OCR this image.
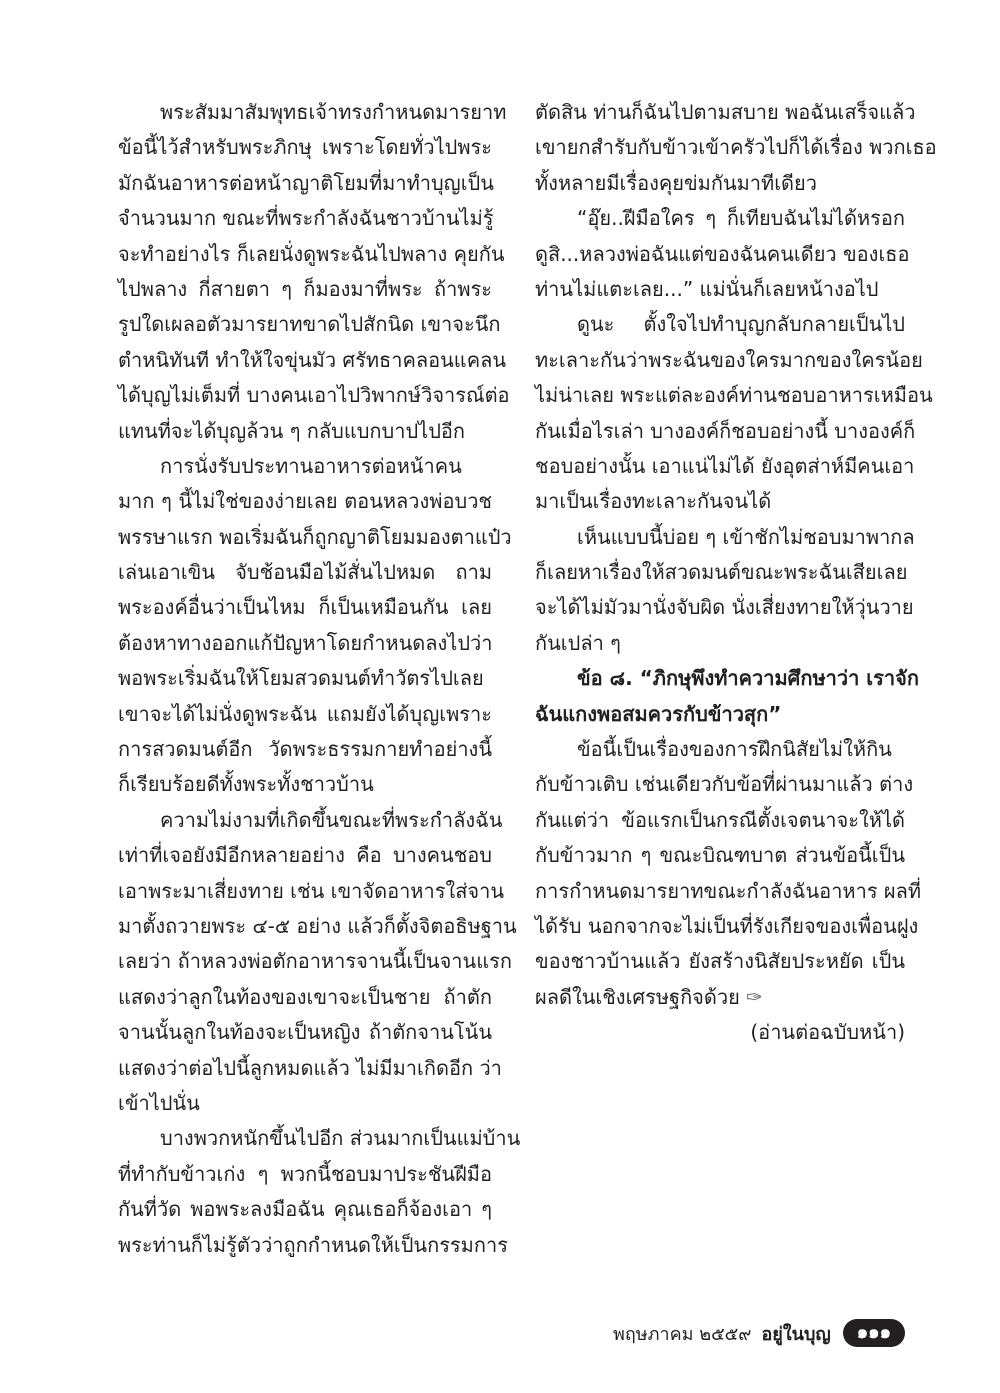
พระสัมมาสัมพุทธเจ้าทรงกำหนดมารยาท
ข้อนี้ไว้สำหรับพระภิกษุ เพราะโดยทั่วไปพระ
มักฉันอาหารต่อหน้าญาติโยมที่มาทำบุญเป็น
จำนวนมาก ขณะที่พระกำลังฉันชาวบ้านไม่รู้
จะทำอย่างไร ก็เลยนั่งดูพระฉันไปพลาง คุยกัน
ไปพลาง กี่สายตา ๆ ก็มองมาที่พระ ถ้าพระ
รูปใดเผลอตัวมารยาทขาดไปสักนิด เขาจะนึก
ตำหนิทันที ทำให้ใจขุ่นมัว ศรัทธาคลอนแคลน
ได้บุญไม่เต็มที่ บางคนเอาไปวิพากษ์วิจารณ์ต่อ
แทนที่จะได้บุญล้วน ๆ กลับแบกบาปไปอีก
การนั่งรับประทานอาหารต่อหน้าคน
มาก ๆ นี้ไม่ใช่ของง่ายเลย ตอนหลวงพ่อบวช
พรรษาแรก พอเริ่มฉันก็ถูกญาติโยมมองตาแป๋ว
เล่นเอาเขิน จับช้อนมือไม้สั่นไปหมด ถาม
พระองค์อื่นว่าเป็นไหม ก็เป็นเหมือนกัน เลย
ต้องหาทางออกแก้ปัญหาโดยกำหนดลงไปว่า
พอพระเริ่มฉันให้โยมสวดมนต์ทำวัตรไปเลย
เขาจะได้ไม่นั่งดูพระฉัน แถมยังได้บุญเพราะ
การสวดมนต์อีก วัดพระธรรมกายทำอย่างนี้
ก็เรียบร้อยดีทั้งพระทั้งชาวบ้าน
ความไม่งามที่เกิดขึ้นขณะที่พระกำลังฉัน
เท่าที่เจอยังมีอีกหลายอย่าง คือ บางคนชอบ
เอาพระมาเสี่ยงทาย เช่น เขาจัดอาหารใส่จาน
มาตั้งถวายพระ ๔-๕ อย่าง แล้วก็ตั้งจิตอธิษฐาน
เลยว่า ถ้าหลวงพ่อตักอาหารจานนี้เป็นจานแรก
แสดงว่าลูกในท้องของเขาจะเป็นชาย ถ้าตัก
จานนั้นลูกในท้องจะเป็นหญิง ถ้าตักจานโน้น
แสดงว่าต่อไปนี้ลูกหมดแล้ว ไม่มีมาเกิดอีก ว่า
เข้าไปนั่น
บางพวกหนักขึ้นไปอีก ส่วนมากเป็นแม่บ้าน
ที่ทำกับข้าวเก่ง ๆ พวกนี้ชอบมาประชันฝีมือ
กันที่วัด พอพระลงมือฉัน คุณเธอก็จ้องเอา ๆ
พระท่านก็ไม่รู้ตัวว่าถูกกำหนดให้เป็นกรรมการ
ตัดสิน ท่านก็ฉันไปตามสบาย พอฉันเสร็จแล้ว
เขายกสำรับกับข้าวเข้าครัวไปก็ได้เรื่อง พวกเธอ
ทั้งหลายมีเรื่องคุยข่มกันมาทีเดียว
“อุ๊ย..ฝีมือใคร ๆ ก็เทียบฉันไม่ได้หรอก
ดูสิ...หลวงพ่อฉันแต่ของฉันคนเดียว ของเธอ
ท่านไม่แตะเลย...” แม่นั่นก็เลยหน้างอไป
ดูนะ ตั้งใจไปทำบุญกลับกลายเป็นไป
ทะเลาะกันว่าพระฉันของใครมากของใครน้อย
ไม่น่าเลย พระแต่ละองค์ท่านชอบอาหารเหมือน
กันเมื่อไรเล่า บางองค์ก็ชอบอย่างนี้ บางองค์ก็
ชอบอย่างนั้น เอาแน่ไม่ได้ ยังอุตส่าห์มีคนเอา
มาเป็นเรื่องทะเลาะกันจนได้
เห็นแบบนี้บ่อย ๆ เข้าชักไม่ชอบมาพากล
ก็เลยหาเรื่องให้สวดมนต์ขณะพระฉันเสียเลย
จะได้ไม่มัวมานั่งจับผิด นั่งเสี่ยงทายให้วุ่นวาย
กันเปล่า ๆ
ข้อ ๘. “ภิกษุพึงทำความศึกษาว่า เราจัก
ฉันแกงพอสมควรกับข้าวสุก”
ข้อนี้เป็นเรื่องของการฝึกนิสัยไม่ให้กิน
กับข้าวเติบ เช่นเดียวกับข้อที่ผ่านมาแล้ว ต่าง
กันแต่ว่า ข้อแรกเป็นกรณีตั้งเจตนาจะให้ได้
กับข้าวมาก ๆ ขณะบิณฑบาต ส่วนข้อนี้เป็น
การกำหนดมารยาทขณะกำลังฉันอาหาร ผลที่
ได้รับ นอกจากจะไม่เป็นที่รังเกียจของเพื่อนฝูง
ของชาวบ้านแล้ว ยังสร้างนิสัยประหยัด เป็น
ผลดีในเชิงเศรษฐกิจด้วย ✑
(อ่านต่อฉบับหน้า)
พฤษภาคม ๒๕๕๙ อยู่ในบุญ	๑๑๑
